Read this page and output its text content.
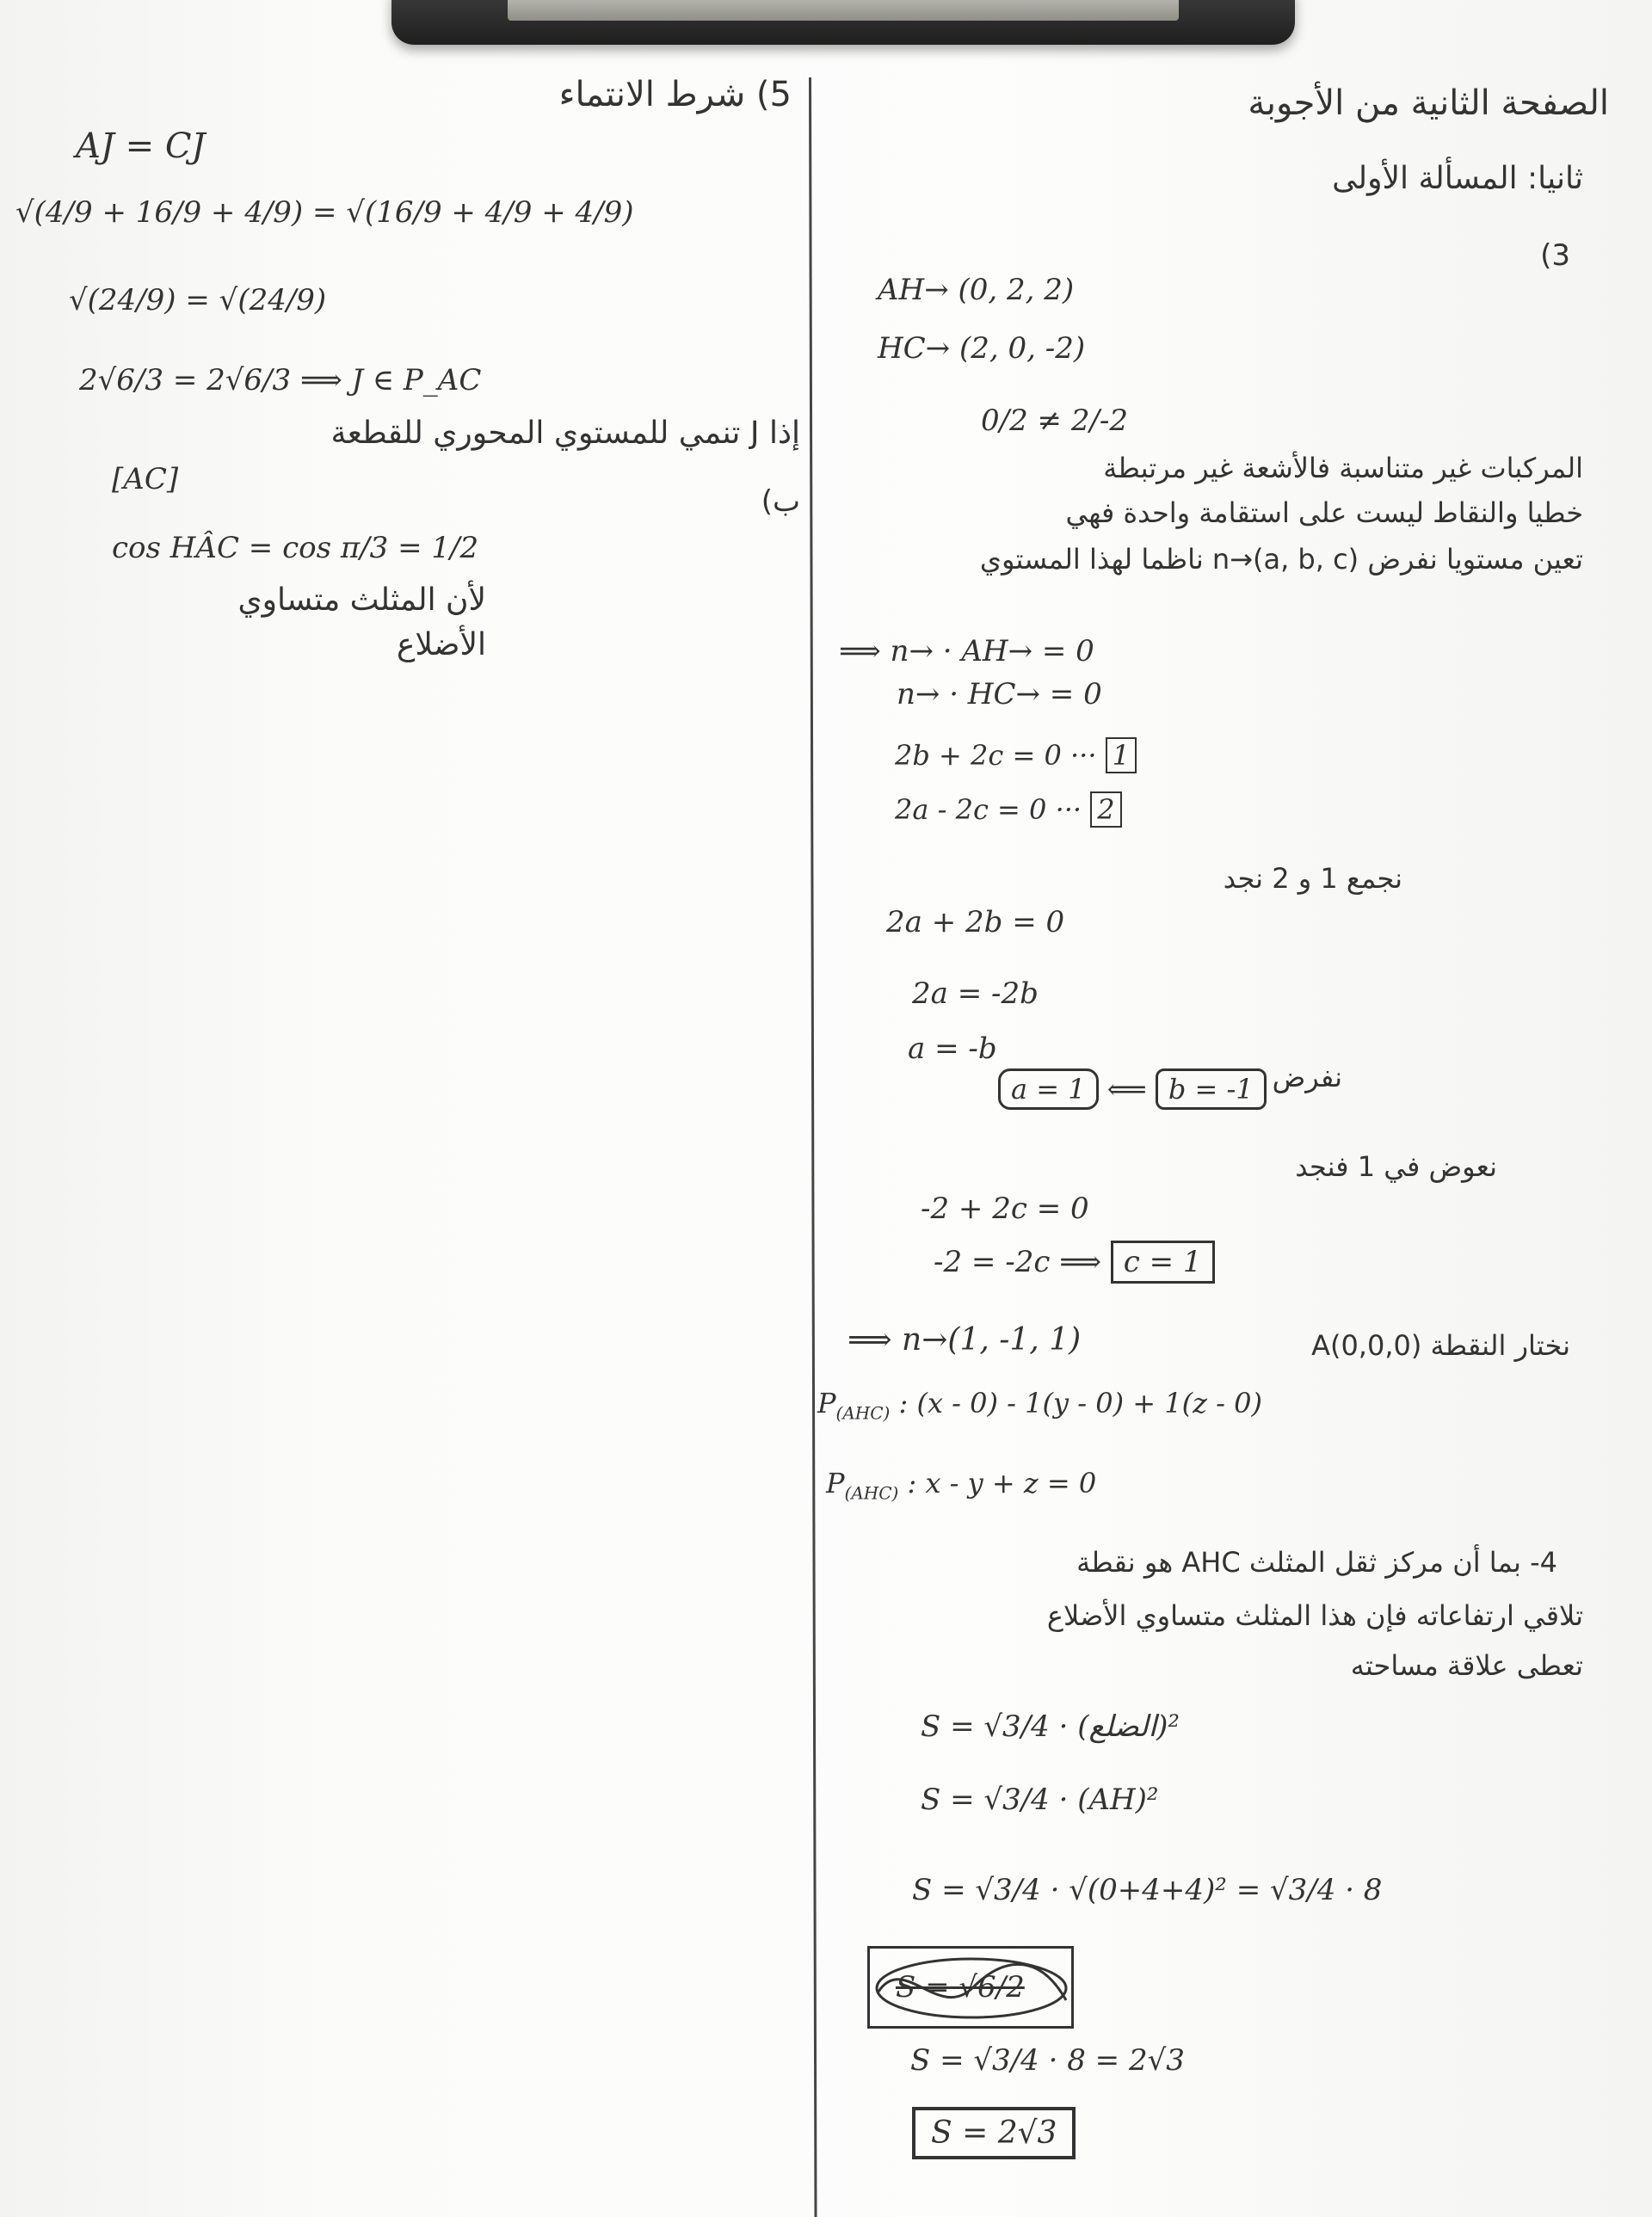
5) شرط الانتماء
AJ = CJ
√(4/9 + 16/9 + 4/9) = √(16/9 + 4/9 + 4/9)
√(24/9) = √(24/9)
2√6/3 = 2√6/3 ⟹ J ∈ P_AC
إذا J تنمي للمستوي المحوري للقطعة
[AC]
ب)
cos HÂC = cos π/3 = 1/2
لأن المثلث متساوي
الأضلاع
الصفحة الثانية من الأجوبة
ثانيا: المسألة الأولى
3)
AH→ (0, 2, 2)
HC→ (2, 0, -2)
0/2 ≠ 2/-2
المركبات غير متناسبة فالأشعة غير مرتبطة
خطيا والنقاط ليست على استقامة واحدة فهي
تعين مستويا نفرض n→(a, b, c) ناظما لهذا المستوي
⟹ n→ · AH→ = 0
n→ · HC→ = 0
2b + 2c = 0 ··· 1
2a - 2c = 0 ··· 2
نجمع 1 و 2 نجد
2a + 2b = 0
2a = -2b
a = -b
a = 1 ⟸ b = -1 نفرض
نعوض في 1 فنجد
-2 + 2c = 0
-2 = -2c ⟹ c = 1
⟹ n→(1, -1, 1)	نختار النقطة A(0,0,0)
$P_{(AHC)}$ : (x - 0) - 1(y - 0) + 1(z - 0)
$P_{(AHC)}$ : x - y + z = 0
4- بما أن مركز ثقل المثلث AHC هو نقطة
تلاقي ارتفاعاته فإن هذا المثلث متساوي الأضلاع
تعطى علاقة مساحته
S = √3/4 · (الضلع)²
S = √3/4 · (AH)²
S = √3/4 · √(0+4+4)² = √3/4 · 8
S = √6/2
S = √3/4 · 8 = 2√3
S = 2√3
